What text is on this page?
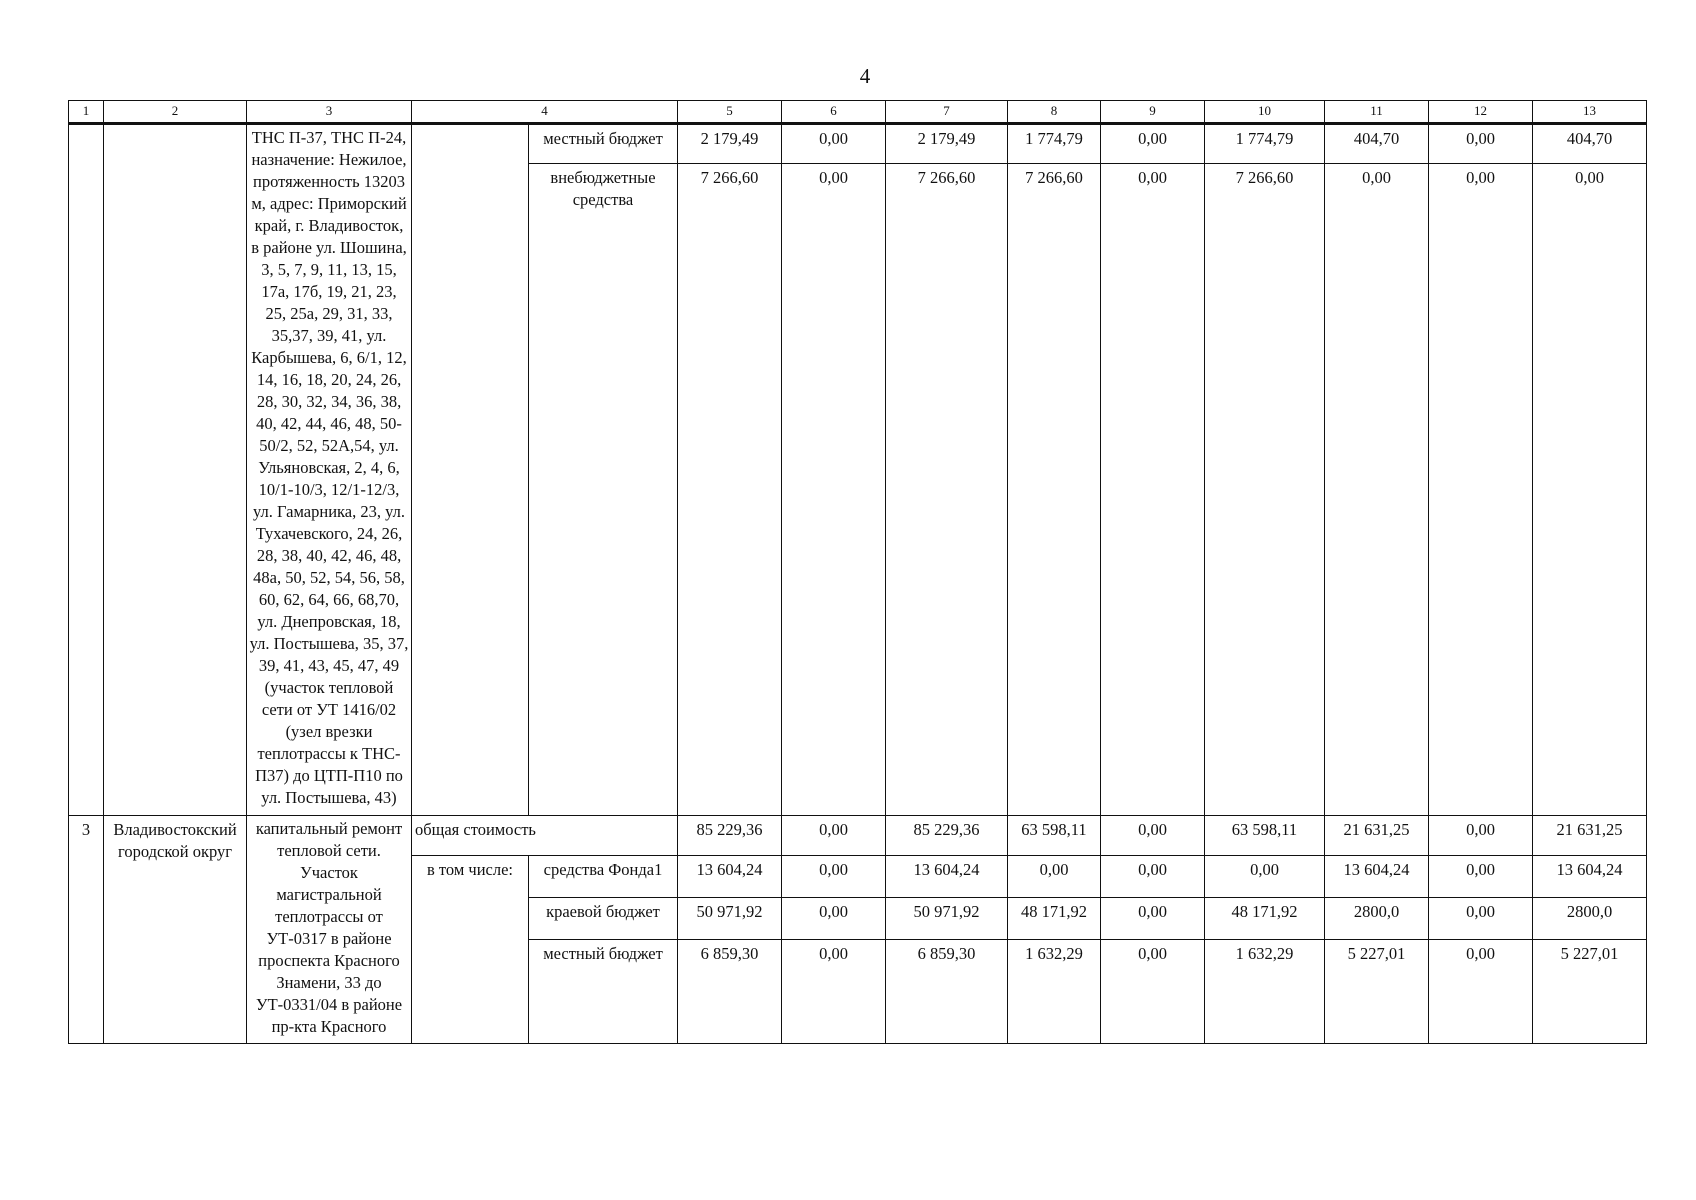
4
1	2	3	4		5	6	7	8	9	10	11	12	13
		ТНС П-37, ТНС П-24, назначение: Нежилое, протяженность 13203 м, адрес: Приморский край, г. Владивосток, в районе ул. Шошина, 3, 5, 7, 9, 11, 13, 15, 17а, 17б, 19, 21, 23, 25, 25а, 29, 31, 33, 35,37, 39, 41, ул. Карбышева, 6, 6/1, 12, 14, 16, 18, 20, 24, 26, 28, 30, 32, 34, 36, 38, 40, 42, 44, 46, 48, 50-50/2, 52, 52А,54, ул. Ульяновская, 2, 4, 6, 10/1-10/3, 12/1-12/3, ул. Гамарника, 23, ул. Тухачевского, 24, 26, 28, 38, 40, 42, 46, 48, 48а, 50, 52, 54, 56, 58, 60, 62, 64, 66, 68,70, ул. Днепровская, 18, ул. Постышева, 35, 37, 39, 41, 43, 45, 47, 49 (участок тепловой сети от УТ 1416/02 (узел врезки теплотрассы к ТНС-П37) до ЦТП-П10 по ул. Постышева, 43)		местный бюджет	2 179,49	0,00	2 179,49	1 774,79	0,00	1 774,79	404,70	0,00	404,70
				внебюджетные средства	7 266,60	0,00	7 266,60	7 266,60	0,00	7 266,60	0,00	0,00	0,00
3	Владивостокский городской округ	капитальный ремонт тепловой сети. Участок магистральной теплотрассы от УТ-0317 в районе проспекта Красного Знамени, 33 до УТ-0331/04 в районе пр-кта Красного	общая стоимость		85 229,36	0,00	85 229,36	63 598,11	0,00	63 598,11	21 631,25	0,00	21 631,25
			в том числе:	средства Фонда1	13 604,24	0,00	13 604,24	0,00	0,00	0,00	13 604,24	0,00	13 604,24
				краевой бюджет	50 971,92	0,00	50 971,92	48 171,92	0,00	48 171,92	2800,0	0,00	2800,0
				местный бюджет	6 859,30	0,00	6 859,30	1 632,29	0,00	1 632,29	5 227,01	0,00	5 227,01
